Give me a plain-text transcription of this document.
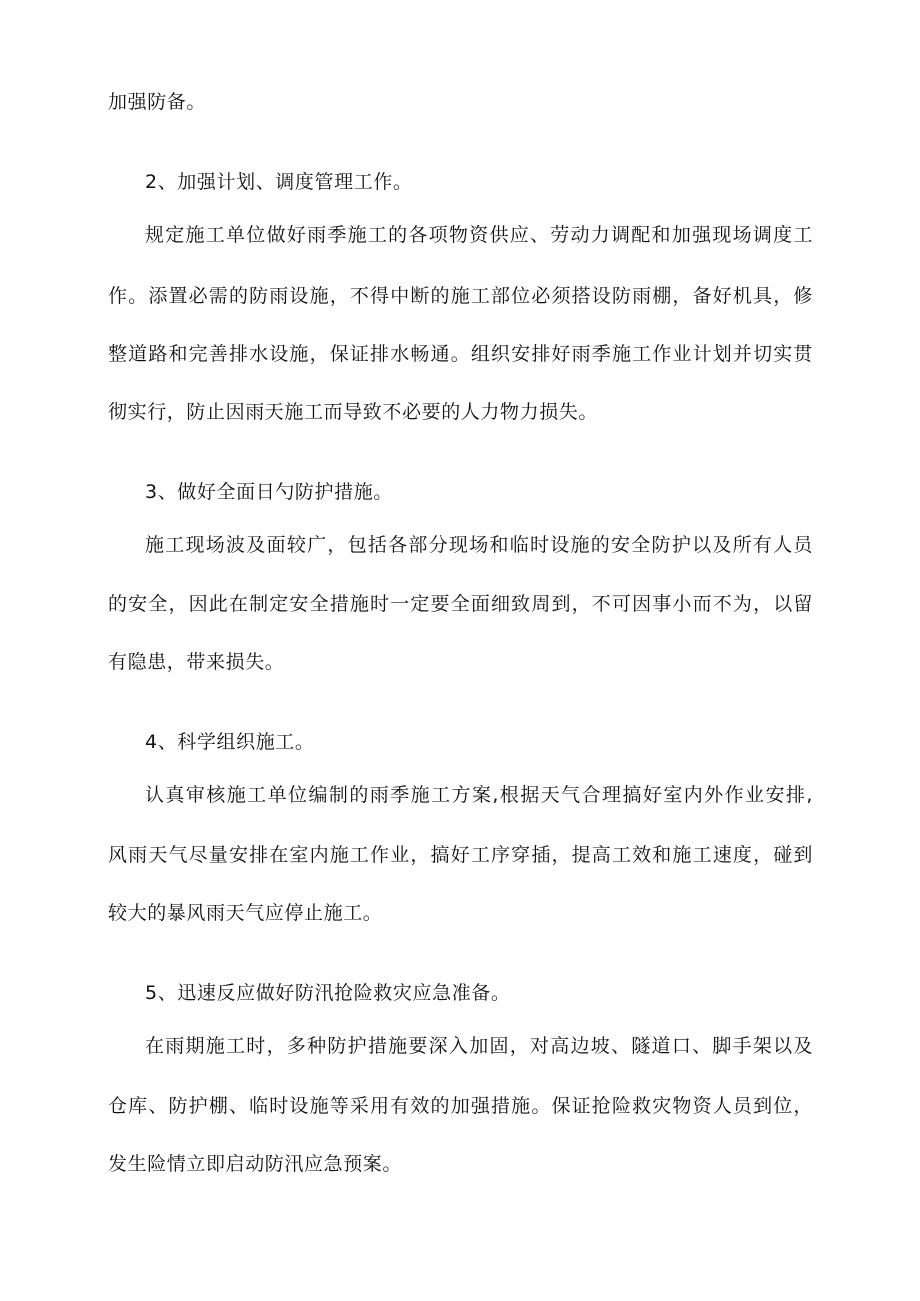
加强防备。

2、加强计划、调度管理工作。

规定施工单位做好雨季施工的各项物资供应、劳动力调配和加强现场调度工

作。添置必需的防雨设施，不得中断的施工部位必须搭设防雨棚，备好机具，修

整道路和完善排水设施，保证排水畅通。组织安排好雨季施工作业计划并切实贯

彻实行，防止因雨天施工而导致不必要的人力物力损失。

3、做好全面日勺防护措施。

施工现场波及面较广，包括各部分现场和临时设施的安全防护以及所有人员

的安全，因此在制定安全措施时一定要全面细致周到，不可因事小而不为，以留

有隐患，带来损失。

4、科学组织施工。

认真审核施工单位编制的雨季施工方案,根据天气合理搞好室内外作业安排,

风雨天气尽量安排在室内施工作业，搞好工序穿插，提高工效和施工速度，碰到

较大的暴风雨天气应停止施工。

5、迅速反应做好防汛抢险救灾应急准备。

在雨期施工时，多种防护措施要深入加固，对高边坡、隧道口、脚手架以及

仓库、防护棚、临时设施等采用有效的加强措施。保证抢险救灾物资人员到位，

发生险情立即启动防汛应急预案。
